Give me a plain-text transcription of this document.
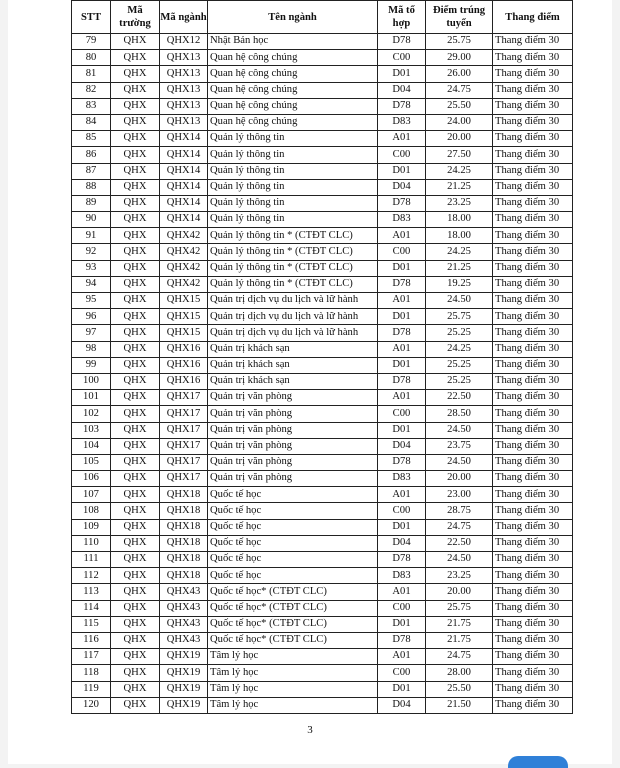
STT	Mã trường	Mã ngành	Tên ngành	Mã tổ hợp	Điểm trúng tuyển	Thang điểm
79	QHX	QHX12	Nhật Bản học	D78	25.75	Thang điểm 30
80	QHX	QHX13	Quan hệ công chúng	C00	29.00	Thang điểm 30
81	QHX	QHX13	Quan hệ công chúng	D01	26.00	Thang điểm 30
82	QHX	QHX13	Quan hệ công chúng	D04	24.75	Thang điểm 30
83	QHX	QHX13	Quan hệ công chúng	D78	25.50	Thang điểm 30
84	QHX	QHX13	Quan hệ công chúng	D83	24.00	Thang điểm 30
85	QHX	QHX14	Quản lý thông tin	A01	20.00	Thang điểm 30
86	QHX	QHX14	Quản lý thông tin	C00	27.50	Thang điểm 30
87	QHX	QHX14	Quản lý thông tin	D01	24.25	Thang điểm 30
88	QHX	QHX14	Quản lý thông tin	D04	21.25	Thang điểm 30
89	QHX	QHX14	Quản lý thông tin	D78	23.25	Thang điểm 30
90	QHX	QHX14	Quản lý thông tin	D83	18.00	Thang điểm 30
91	QHX	QHX42	Quản lý thông tin * (CTĐT CLC)	A01	18.00	Thang điểm 30
92	QHX	QHX42	Quản lý thông tin * (CTĐT CLC)	C00	24.25	Thang điểm 30
93	QHX	QHX42	Quản lý thông tin * (CTĐT CLC)	D01	21.25	Thang điểm 30
94	QHX	QHX42	Quản lý thông tin * (CTĐT CLC)	D78	19.25	Thang điểm 30
95	QHX	QHX15	Quản trị dịch vụ du lịch và lữ hành	A01	24.50	Thang điểm 30
96	QHX	QHX15	Quản trị dịch vụ du lịch và lữ hành	D01	25.75	Thang điểm 30
97	QHX	QHX15	Quản trị dịch vụ du lịch và lữ hành	D78	25.25	Thang điểm 30
98	QHX	QHX16	Quản trị khách sạn	A01	24.25	Thang điểm 30
99	QHX	QHX16	Quản trị khách sạn	D01	25.25	Thang điểm 30
100	QHX	QHX16	Quản trị khách sạn	D78	25.25	Thang điểm 30
101	QHX	QHX17	Quản trị văn phòng	A01	22.50	Thang điểm 30
102	QHX	QHX17	Quản trị văn phòng	C00	28.50	Thang điểm 30
103	QHX	QHX17	Quản trị văn phòng	D01	24.50	Thang điểm 30
104	QHX	QHX17	Quản trị văn phòng	D04	23.75	Thang điểm 30
105	QHX	QHX17	Quản trị văn phòng	D78	24.50	Thang điểm 30
106	QHX	QHX17	Quản trị văn phòng	D83	20.00	Thang điểm 30
107	QHX	QHX18	Quốc tế học	A01	23.00	Thang điểm 30
108	QHX	QHX18	Quốc tế học	C00	28.75	Thang điểm 30
109	QHX	QHX18	Quốc tế học	D01	24.75	Thang điểm 30
110	QHX	QHX18	Quốc tế học	D04	22.50	Thang điểm 30
111	QHX	QHX18	Quốc tế học	D78	24.50	Thang điểm 30
112	QHX	QHX18	Quốc tế học	D83	23.25	Thang điểm 30
113	QHX	QHX43	Quốc tế học* (CTĐT CLC)	A01	20.00	Thang điểm 30
114	QHX	QHX43	Quốc tế học* (CTĐT CLC)	C00	25.75	Thang điểm 30
115	QHX	QHX43	Quốc tế học* (CTĐT CLC)	D01	21.75	Thang điểm 30
116	QHX	QHX43	Quốc tế học* (CTĐT CLC)	D78	21.75	Thang điểm 30
117	QHX	QHX19	Tâm lý học	A01	24.75	Thang điểm 30
118	QHX	QHX19	Tâm lý học	C00	28.00	Thang điểm 30
119	QHX	QHX19	Tâm lý học	D01	25.50	Thang điểm 30
120	QHX	QHX19	Tâm lý học	D04	21.50	Thang điểm 30
3
